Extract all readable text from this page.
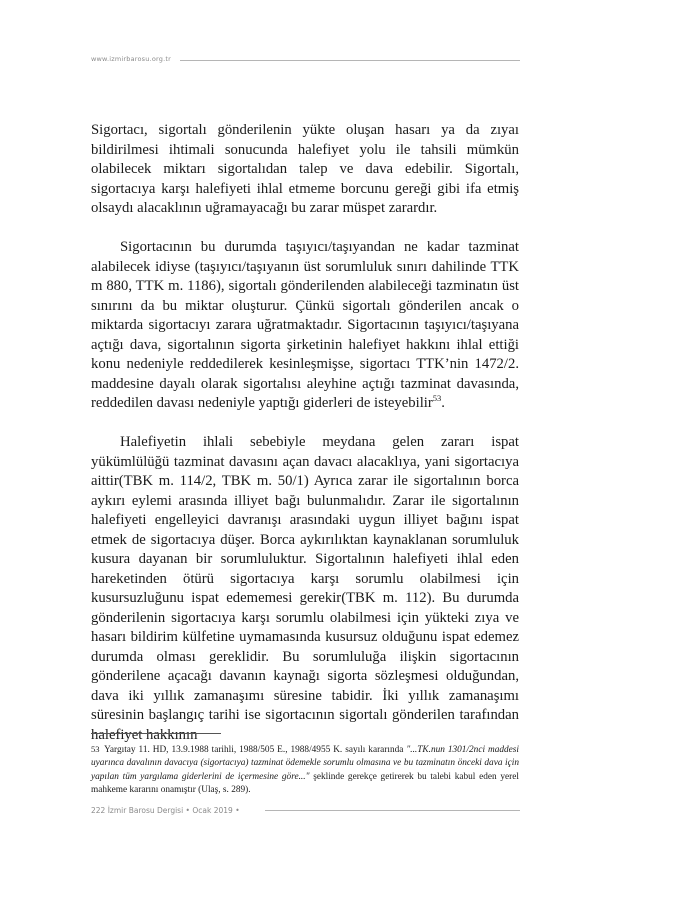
www.izmirbarosu.org.tr

Sigortacı, sigortalı gönderilenin yükte oluşan hasarı ya da zıyaı bildirilmesi ihtimali sonucunda halefiyet yolu ile tahsili mümkün olabilecek miktarı sigortalıdan talep ve dava edebilir. Sigortalı, sigortacıya karşı halefiyeti ihlal etmeme borcunu gereği gibi ifa etmiş olsaydı alacaklının uğramayacağı bu zarar müspet zarardır.

Sigortacının bu durumda taşıyıcı/taşıyandan ne kadar tazminat alabilecek idiyse (taşıyıcı/taşıyanın üst sorumluluk sınırı dahilinde TTK m 880, TTK m. 1186), sigortalı gönderilenden alabileceği tazminatın üst sınırını da bu miktar oluşturur. Çünkü sigortalı gönderilen ancak o miktarda sigortacıyı zarara uğratmaktadır. Sigortacının taşıyıcı/taşıyana açtığı dava, sigortalının sigorta şirketinin halefiyet hakkını ihlal ettiği konu nedeniyle reddedilerek kesinleşmişse, sigortacı TTK’nin 1472/2. maddesine dayalı olarak sigortalısı aleyhine açtığı tazminat davasında, reddedilen davası nedeniyle yaptığı giderleri de isteyebilir$^{53}$.

Halefiyetin ihlali sebebiyle meydana gelen zararı ispat yükümlülüğü tazminat davasını açan davacı alacaklıya, yani sigortacıya aittir(TBK m. 114/2, TBK m. 50/1) Ayrıca zarar ile sigortalının borca aykırı eylemi arasında illiyet bağı bulunmalıdır. Zarar ile sigortalının halefiyeti engelleyici davranışı arasındaki uygun illiyet bağını ispat etmek de sigortacıya düşer. Borca aykırılıktan kaynaklanan sorumluluk kusura dayanan bir sorumluluktur. Sigortalının halefiyeti ihlal eden hareketinden ötürü sigortacıya karşı sorumlu olabilmesi için kusursuzluğunu ispat edememesi gerekir(TBK m. 112). Bu durumda gönderilenin sigortacıya karşı sorumlu olabilmesi için yükteki zıya ve hasarı bildirim külfetine uymamasında kusursuz olduğunu ispat edemez durumda olması gereklidir. Bu sorumluluğa ilişkin sigortacının gönderilene açacağı davanın kaynağı sigorta sözleşmesi olduğundan, dava iki yıllık zamanaşımı süresine tabidir. İki yıllık zamanaşımı süresinin başlangıç tarihi ise sigortacının sigortalı gönderilen tarafından halefiyet hakkının

53 Yargıtay 11. HD, 13.9.1988 tarihli, 1988/505 E., 1988/4955 K. sayılı kararında "...TK.nun 1301/2nci maddesi uyarınca davalının davacıya (sigortacıya) tazminat ödemekle sorumlu olmasına ve bu tazminatın önceki dava için yapılan tüm yargılama giderlerini de içermesine göre..." şeklinde gerekçe getirerek bu talebi kabul eden yerel mahkeme kararını onamıştır (Ulaş, s. 289).
222 İzmir Barosu Dergisi • Ocak 2019 •
